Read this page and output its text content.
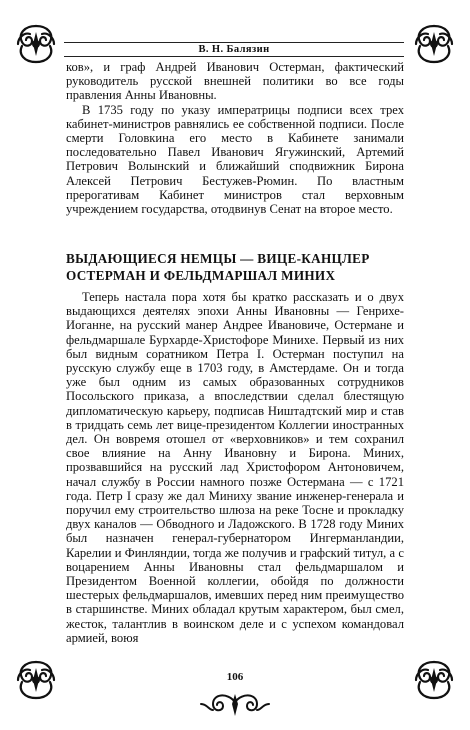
В. Н. Балязин

ков», и граф Андрей Иванович Остерман, фактический руководитель русской внешней политики во все годы правления Анны Ивановны.

В 1735 году по указу императрицы подписи всех трех кабинет-министров равнялись ее собственной подписи. После смерти Головкина его место в Кабинете занимали последовательно Павел Иванович Ягужинский, Артемий Петрович Волынский и ближайший сподвижник Бирона Алексей Петрович Бестужев-Рюмин. По властным прерогативам Кабинет министров стал верховным учреждением государства, отодвинув Сенат на второе место.

ВЫДАЮЩИЕСЯ НЕМЦЫ — ВИЦЕ-КАНЦЛЕР ОСТЕРМАН И ФЕЛЬДМАРШАЛ МИНИХ

Теперь настала пора хотя бы кратко рассказать и о двух выдающихся деятелях эпохи Анны Ивановны — Генрихе-Иоганне, на русский манер Андрее Ивановиче, Остермане и фельдмаршале Бурхарде-Христофоре Минихе. Первый из них был видным соратником Петра I. Остерман поступил на русскую службу еще в 1703 году, в Амстердаме. Он и тогда уже был одним из самых образованных сотрудников Посольского приказа, а впоследствии сделал блестящую дипломатическую карьеру, подписав Ништадтский мир и став в тридцать семь лет вице-президентом Коллегии иностранных дел. Он вовремя отошел от «верховников» и тем сохранил свое влияние на Анну Ивановну и Бирона. Миних, прозвавшийся на русский лад Христофором Антоновичем, начал службу в России намного позже Остермана — с 1721 года. Петр I сразу же дал Миниху звание инженер-генерала и поручил ему строительство шлюза на реке Тосне и прокладку двух каналов — Обводного и Ладожского. В 1728 году Миних был назначен генерал-губернатором Ингерманландии, Карелии и Финляндии, тогда же получив и графский титул, а с воцарением Анны Ивановны стал фельдмаршалом и Президентом Военной коллегии, обойдя по должности шестерых фельдмаршалов, имевших перед ним преимущество в старшинстве. Миних обладал крутым характером, был смел, жесток, талантлив в воинском деле и с успехом командовал армией, воюя

106
